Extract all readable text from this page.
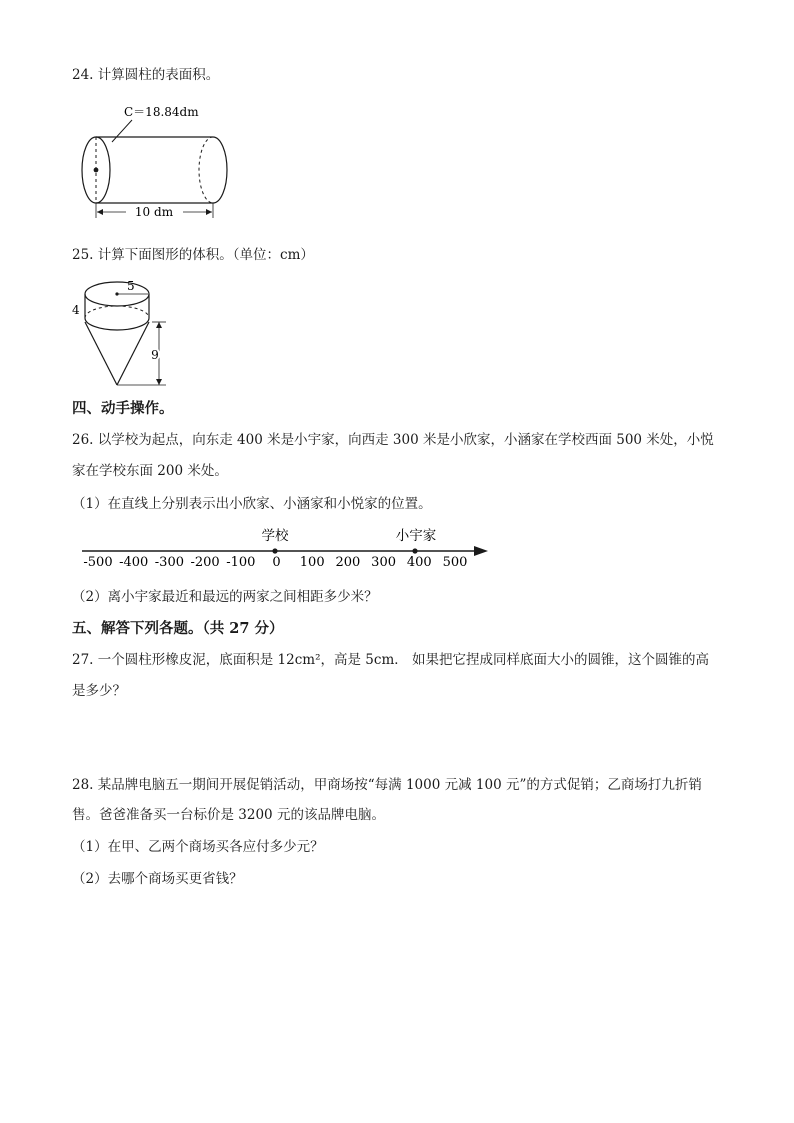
24. 计算圆柱的表面积。
C＝18.84dm
10 dm
25. 计算下面图形的体积。（单位：cm）
5
4
9
四、动手操作。
26. 以学校为起点，向东走 400 米是小宇家，向西走 300 米是小欣家，小涵家在学校西面 500 米处，小悦
家在学校东面 200 米处。
（1）在直线上分别表示出小欣家、小涵家和小悦家的位置。
学校	小宇家
-500 -400 -300 -200 -100 0 100 200 300 400 500
（2）离小宇家最近和最远的两家之间相距多少米？
五、解答下列各题。（共 27 分）
27. 一个圆柱形橡皮泥，底面积是 12cm²，高是 5cm． 如果把它捏成同样底面大小的圆锥，这个圆锥的高
是多少？
28. 某品牌电脑五一期间开展促销活动，甲商场按“每满 1000 元减 100 元”的方式促销；乙商场打九折销
售。爸爸准备买一台标价是 3200 元的该品牌电脑。
（1）在甲、乙两个商场买各应付多少元？
（2）去哪个商场买更省钱？
